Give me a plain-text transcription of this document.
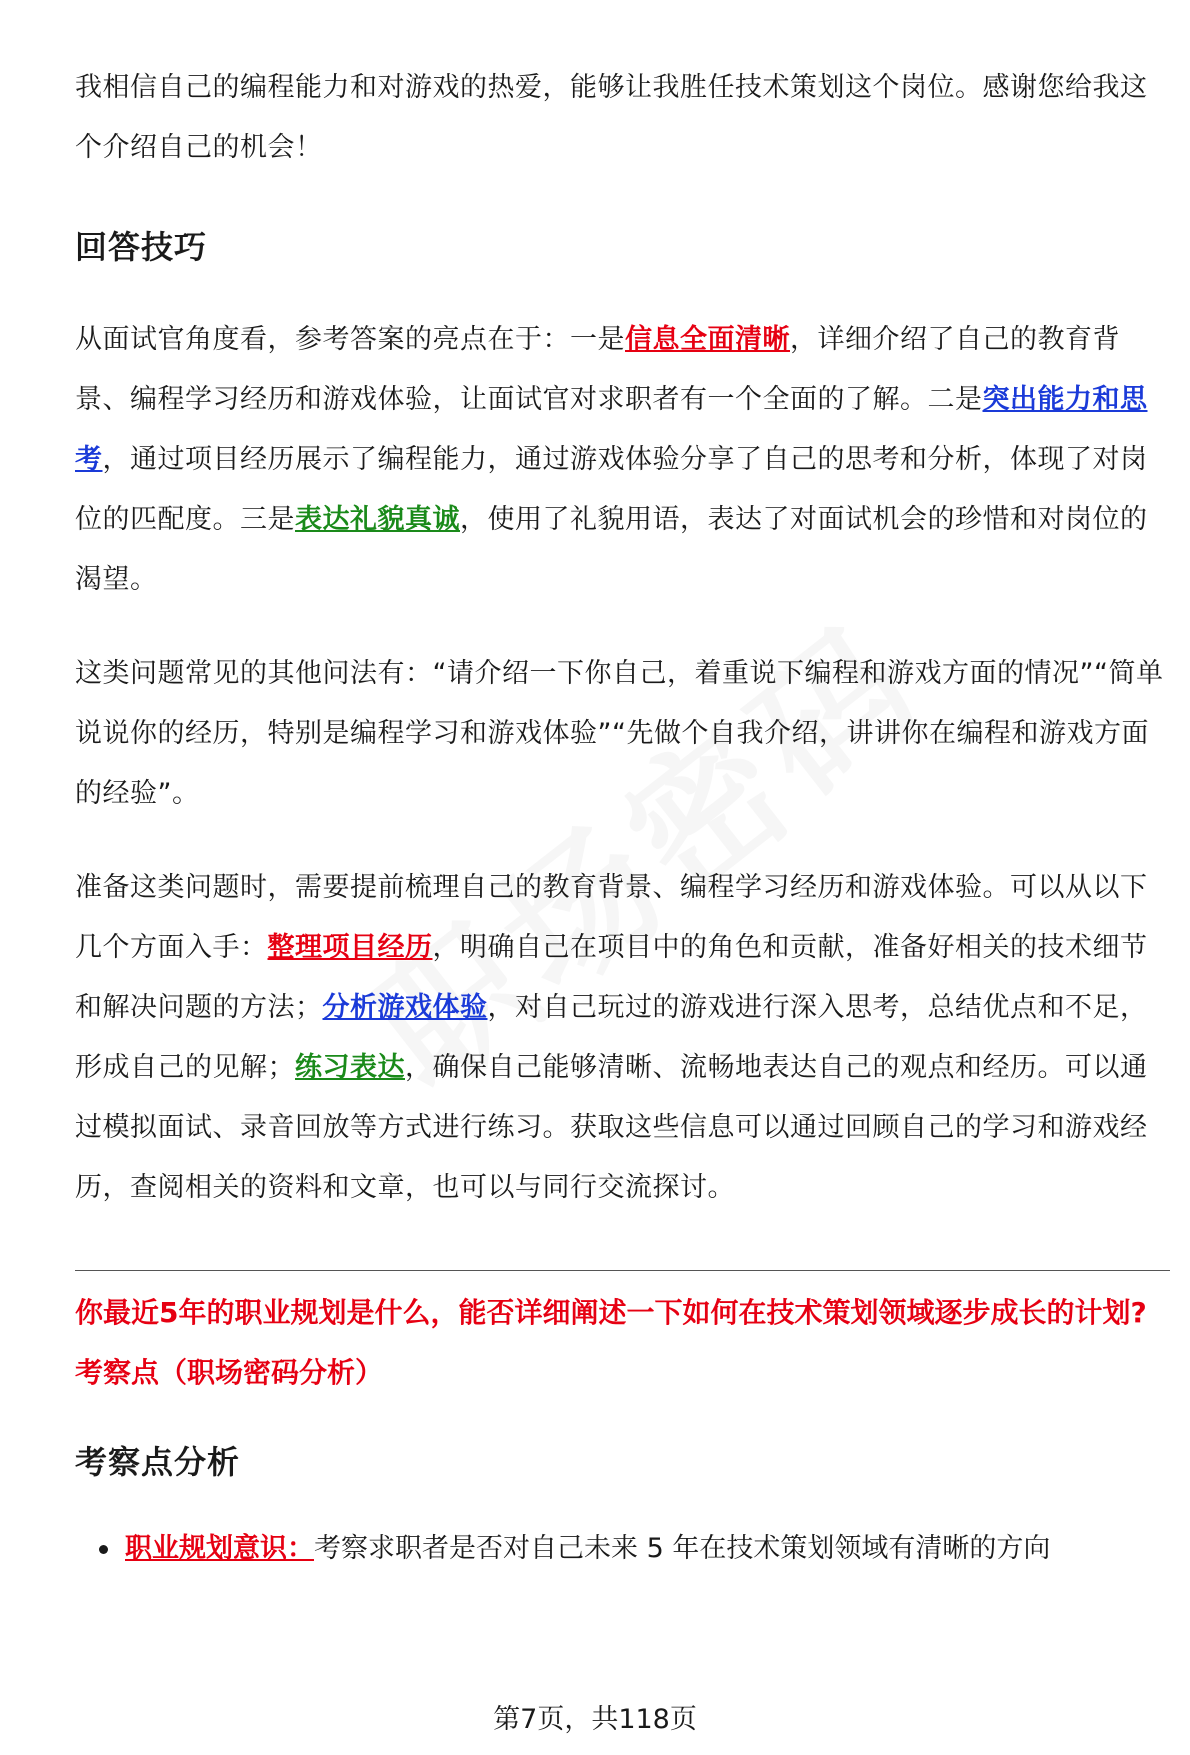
我相信自己的编程能力和对游戏的热爱，能够让我胜任技术策划这个岗位。感谢您给我这个介绍自己的机会！

回答技巧

从面试官角度看，参考答案的亮点在于：一是信息全面清晰，详细介绍了自己的教育背景、编程学习经历和游戏体验，让面试官对求职者有一个全面的了解。二是突出能力和思考，通过项目经历展示了编程能力，通过游戏体验分享了自己的思考和分析，体现了对岗位的匹配度。三是表达礼貌真诚，使用了礼貌用语，表达了对面试机会的珍惜和对岗位的渴望。

这类问题常见的其他问法有：“请介绍一下你自己，着重说下编程和游戏方面的情况”“简单说说你的经历，特别是编程学习和游戏体验”“先做个自我介绍，讲讲你在编程和游戏方面的经验”。

准备这类问题时，需要提前梳理自己的教育背景、编程学习经历和游戏体验。可以从以下几个方面入手：整理项目经历，明确自己在项目中的角色和贡献，准备好相关的技术细节和解决问题的方法；分析游戏体验，对自己玩过的游戏进行深入思考，总结优点和不足，形成自己的见解；练习表达，确保自己能够清晰、流畅地表达自己的观点和经历。可以通过模拟面试、录音回放等方式进行练习。获取这些信息可以通过回顾自己的学习和游戏经历，查阅相关的资料和文章，也可以与同行交流探讨。

你最近5年的职业规划是什么，能否详细阐述一下如何在技术策划领域逐步成长的计划?
考察点（职场密码分析）
考察点分析
职业规划意识：考察求职者是否对自己未来 5 年在技术策划领域有清晰的方向
第7页，共118页
